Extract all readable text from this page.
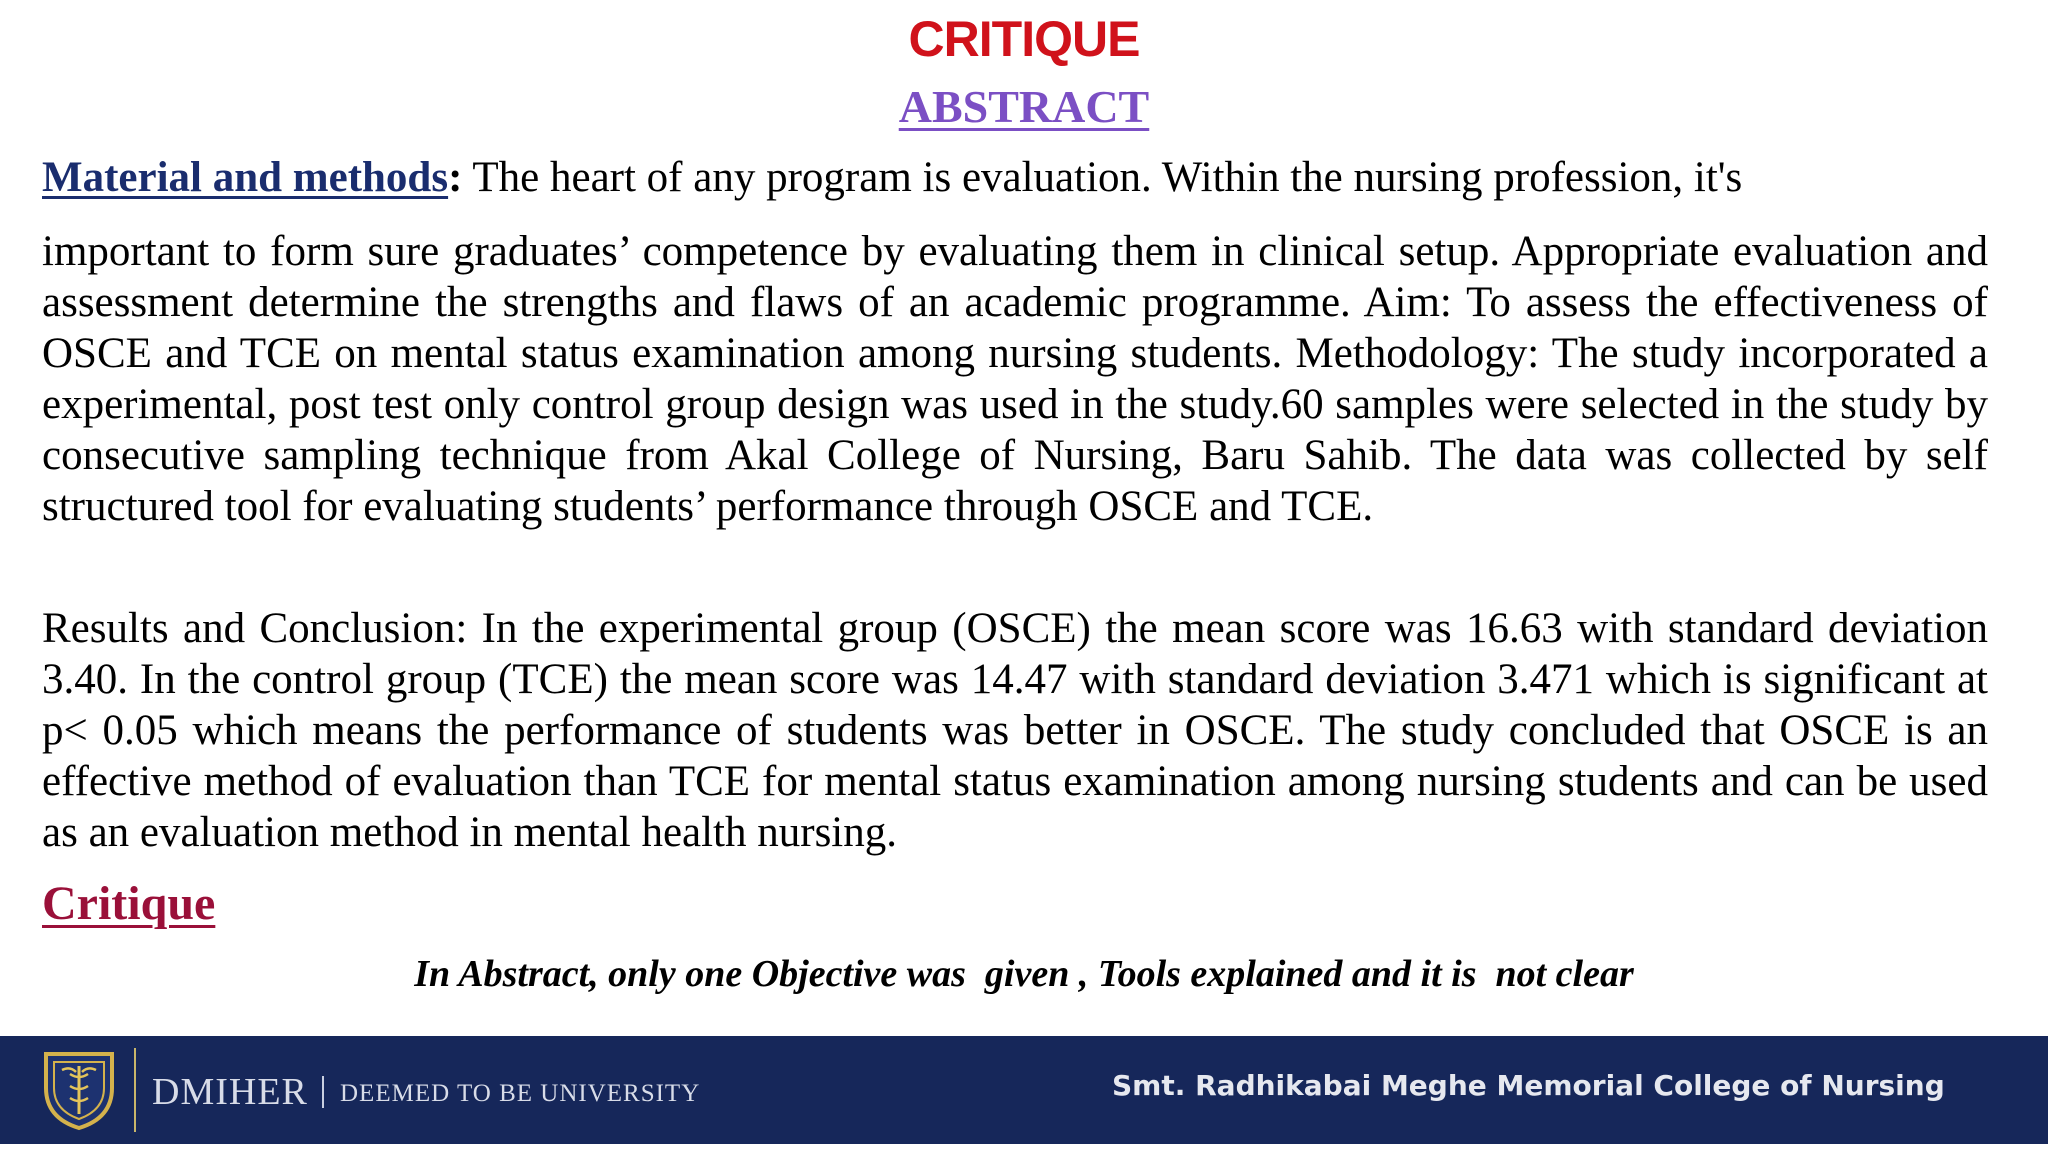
CRITIQUE
ABSTRACT

Material and methods: The heart of any program is evaluation. Within the nursing profession, it's

important to form sure graduates’ competence by evaluating them in clinical setup. Appropriate evaluation and assessment determine the strengths and flaws of an academic programme. Aim: To assess the effectiveness of OSCE and TCE on mental status examination among nursing students. Methodology: The study incorporated a experimental, post test only control group design was used in the study.60 samples were selected in the study by consecutive sampling technique from Akal College of Nursing, Baru Sahib. The data was collected by self structured tool for evaluating students’ performance through OSCE and TCE.

Results and Conclusion: In the experimental group (OSCE) the mean score was 16.63 with standard deviation 3.40. In the control group (TCE) the mean score was 14.47 with standard deviation 3.471 which is significant at p< 0.05 which means the performance of students was better in OSCE. The study concluded that OSCE is an effective method of evaluation than TCE for mental status examination among nursing students and can be used as an evaluation method in mental health nursing.

Critique

In Abstract, only one Objective was  given , Tools explained and it is  not clear

DMIHER DEEMED TO BE UNIVERSITY	Smt. Radhikabai Meghe Memorial College of Nursing
